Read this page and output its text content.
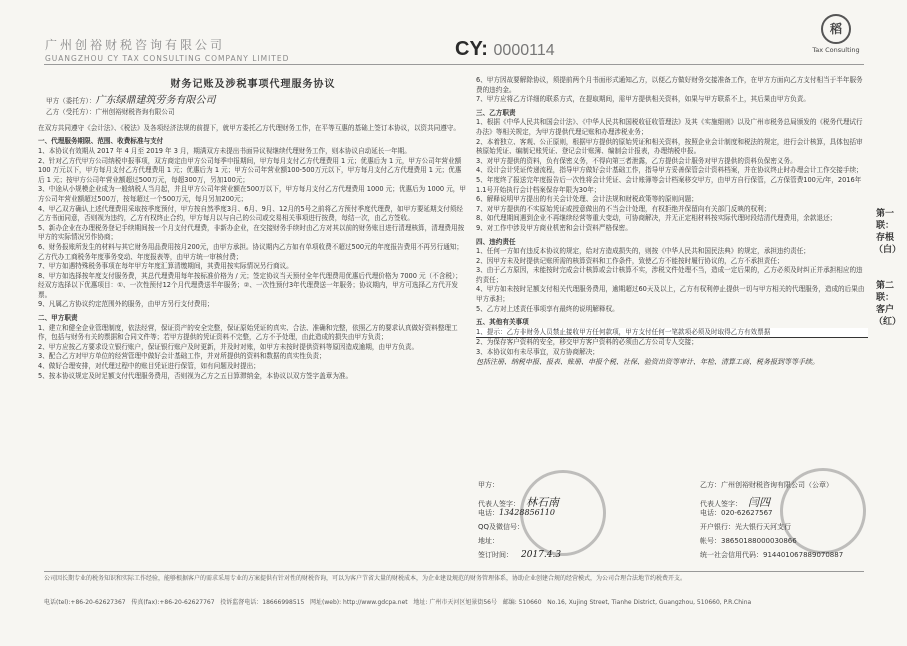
广州创裕财税咨询有限公司
GUANGZHOU CY TAX CONSULTING COMPANY LIMITED	CY: 0000114
稻
Tax Consulting
财务记账及涉税事项代理服务协议
甲方（委托方）：广东绿鼎建筑劳务有限公司
乙方（受托方）：广州创裕财税咨询有限公司

在双方共同遵守《会计法》、《税法》及各项经济法规的前提下，就甲方委托乙方代理财务工作，在平等互惠的基础上签订本协议，以资共同遵守。

一、代理服务期限、范围、收费标准与支付

1、本协议有效期从 2017 年 4 月至 2019 年 3 月，期满双方未提出书面异议视继续代理财务工作，则本协议自动延长一年期。

2、针对乙方代甲方公司纳税申报事项，双方商定由甲方公司每季申报期间，甲方每月支付乙方代理费用 1 元；优惠后为 1 元，甲方公司年营业额 100 万元以下，甲方每月支付乙方代理费用 1 元；优惠后为 1 元；甲方公司年营业额100-500万元以下，甲方每月支付乙方代理费用 1 元；优惠后 1 元；按甲方公司年营业额超过500万元，每超300万，另加100元；

3、中途从小规模企业成为一般纳税人当月起，并且甲方公司年营业额在500万以下，甲方每月支付乙方代理费用 1000 元；优惠后为 1000 元，甲方公司年营业额超过500万，按每超过一个500万元，每月另加200元；

4、甲乙双方确认上述代理费用采取按季度预付，甲方按自然季度3月、6月、9月、12月的5号之前将乙方预付季度代理费，如甲方要延期支付须经乙方书面同意，否则视为违约，乙方有权终止合约，甲方每月以与自己的公司或交易相关事项进行按费，每结一次，由乙方签收。

5、新办企业在办理税务登记手续期间按一个月支付代理费，非新办企业，在交接财务手续时由乙方对其以前的财务账目进行清理核算，清理费用按甲方的实际情况另作协商；

6、财务报账所发生的材料与其它财务用品费用按月200元，由甲方承担。协议期内乙方如有单项收费不超过500元的年度报告费用不再另行通知；乙方代办工商税务年度事务变动、年度报表等，由甲方统一审核付费；

7、甲方如遇特殊税务事项在每年甲方年度汇算清缴期间，其费用按实际情况另行商议。

8、甲方如选择按年度支付服务费，其总代理费用每年按标准价格为 / 元；签定协议当天预付全年代理费用优惠后代理价格为 7000 元（不含税）；经双方选择以下优惠项目：①、一次性预付12个月代理费送半年服务；②、一次性预付3年代理费送一年服务；协议期内，甲方可选择乙方代开发票。

9、凡属乙方协议约定范围外的服务，由甲方另行支付费用；

二、甲方职责

1、建立和健全企业管理制度，依法经营，保证资产的安全完整，保证原始凭证的真实、合法、准确和完整，依照乙方的要求认真做好资料整理工作，包括与财务有关的票据和合同文件等；若甲方提供的凭证资料不完整，乙方不予处理，由此造成的损失由甲方负责；

2、甲方应按乙方要求设立银行账户，保证银行账户及时更新，并及时对账，如甲方未按时提供资料等原因造成逾期，由甲方负责。

3、配合乙方对甲方单位的经营管理中做好会计基础工作，并对所提供的资料和数据的真实性负责；

4、做好合理安排，对代理过程中的账目凭证进行保管，如有问题及时提出；

5、按本协议规定及时足额支付代理服务费用，否则视为乙方之五日算滞纳金，本协议以双方签字盖章为准。

6、甲方因故要解除协议，须提前两个月书面形式通知乙方，以便乙方做好财务交接准备工作，在甲方方面向乙方支付相当于半年服务费的违约金。

7、甲方应将乙方详细的联系方式，在提取期间，需甲方提供相关资料，如果与甲方联系不上，其后果由甲方负责。

三、乙方职责

1、根据《中华人民共和国会计法》、《中华人民共和国税收征收管理法》及其《实施细则》以及广州市税务总局颁发的《税务代理试行办法》等相关规定，为甲方提供代理记账和办理涉税业务；

2、本着独立、客观、公正原则，根据甲方提供的原始凭证和相关资料，按照企业会计制度和税法的规定，进行会计核算，具体包括审核原始凭证、编制记账凭证、登记会计账簿、编制会计报表，办理纳税申报。

3、对甲方提供的资料，负有保密义务，不得向第三者泄露，乙方提供会计服务对甲方提供的资料负保密义务。

4、设计会计凭证传递流程，指导甲方做好会计基础工作，指导甲方妥善保管会计资料档案，并在协议终止时办理会计工作交接手续；

5、年度终了报送完年度报告后一次性将会计凭证、会计账簿等会计档案移交甲方，由甲方自行保管，乙方保管费100元/年，2016年1.1号开始执行会计档案保存年限为30年；

6、解释说明甲方提出的有关会计处理、会计法规和财税政策等的原则问题；

7、对甲方提供的不实原始凭证或授意做出的不当会计处理，有权拒绝并保留向有关部门反映的权利；

8、如代理期间遇到企业不再继续经营等重大变动，可协商解决，并无正定相材料按实际代理时段结清代理费用，余款退还；

9、对工作中涉及甲方商业机密和会计资料严格保密。

四、违约责任

1、任何一方如有违反本协议的规定，给对方造成损失的，则按《中华人民共和国民法典》的规定，承担违约责任；

2、因甲方未及时提供记账所需的核算资料和工作条件，致使乙方不能按时履行协议的，乙方不承担责任；

3、由于乙方原因，未能按时完成会计核算或会计核算不实，涉税文件处理不当，造成一定后果的，乙方必须及时纠正并承担相应的违约责任；

4、甲方如未按时足额支付相关代理服务费用，逾期超过60天及以上，乙方有权利停止提供一切与甲方相关的代理服务，造成的后果由甲方承担；

5、乙方对上述责任事项享有最终的说明解释权。

五、其他有关事项

1、提示：乙方非财务人员禁止接收甲方任何款项，甲方支付任何一笔款项必须及时取得乙方有效票据

2、为保存客户资料的安全，移交甲方客户资料的必须由乙方公司专人交接；

3、本协议如有未尽事宜，双方协商解决；

包括注册、纳税申报、报表、账册、申报个税、社保、验资出资等审计、年检、清算工商、税务报到等等手续。

第一联：存根（白）
第二联：客户（红）
甲方：
代表人签字： 林石南
电话：13428856110
QQ及微信号：
地址：
签订时间： 2017.4.3
乙方：广州创裕财税咨询有限公司（公章）
代表人签字： 闫四
电话：020-62627567
开户银行：光大银行天河支行
帐号：38650188000030866
统一社会信用代码：914401067889070887
公司因长期专业的税务知识和实际工作经验，能够根据客户的需求采用专业的方案提供有针对性的财税咨询，可以为客户节省大量的财税成本，为企业建设规范的财务管理体系，协助企业创建合规的经营模式，为公司合理合法地节约税费开支。
电话(tel):+86-20-62627367 传真(fax):+86-20-62627767 投诉监督电话：18666998515 网址(web): http://www.gdcpa.net 地址: 广州市天河区旭景街56号 邮编: 510660 No.16, Xujing Street, Tianhe District, Guangzhou, 510660, P.R.China
